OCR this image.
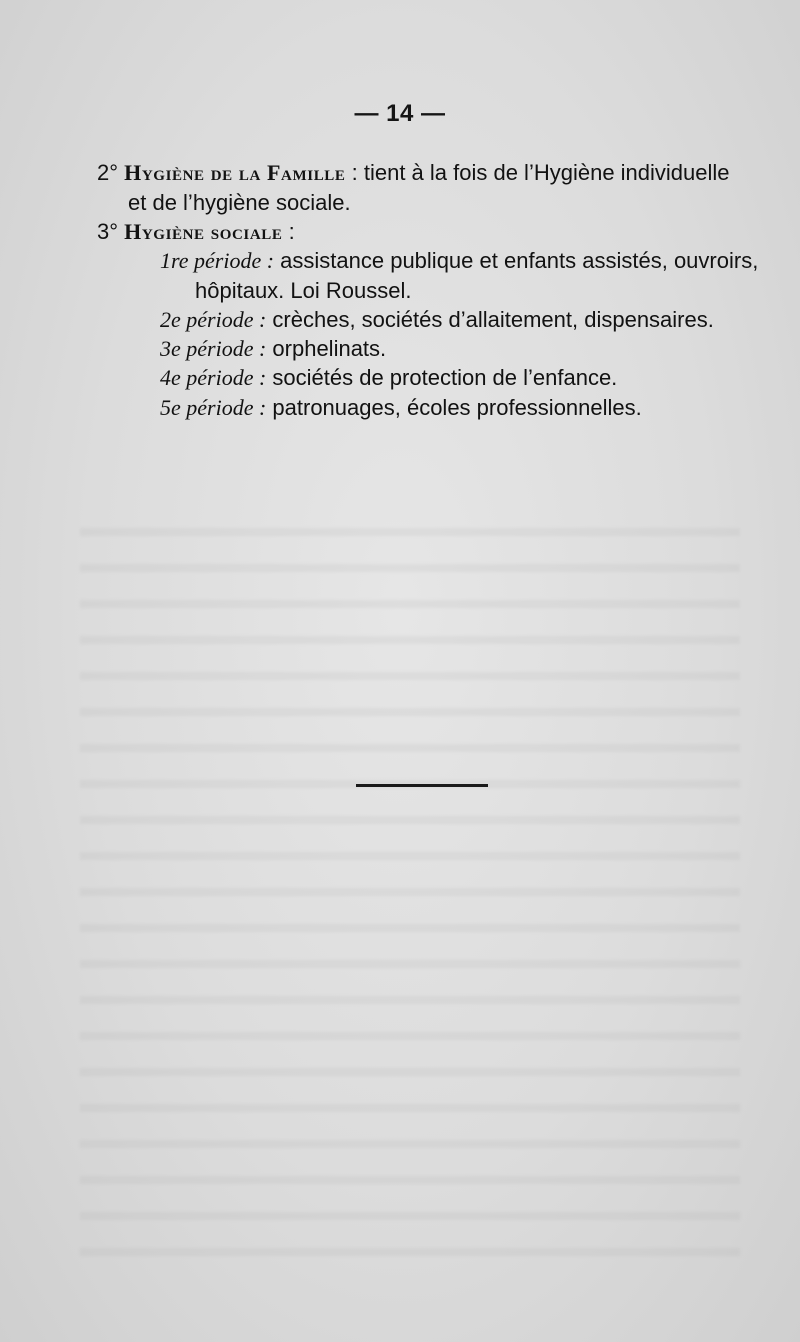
— 14 —
2° Hygiène de la Famille : tient à la fois de l’Hygiène individuelle
et de l’hygiène sociale.
3° Hygiène sociale :
1re période : assistance publique et enfants assistés, ouvroirs,
hôpitaux. Loi Roussel.
2e période : crèches, sociétés d’allaitement, dispensaires.
3e période : orphelinats.
4e période : sociétés de protection de l’enfance.
5e période : patronuages, écoles professionnelles.
